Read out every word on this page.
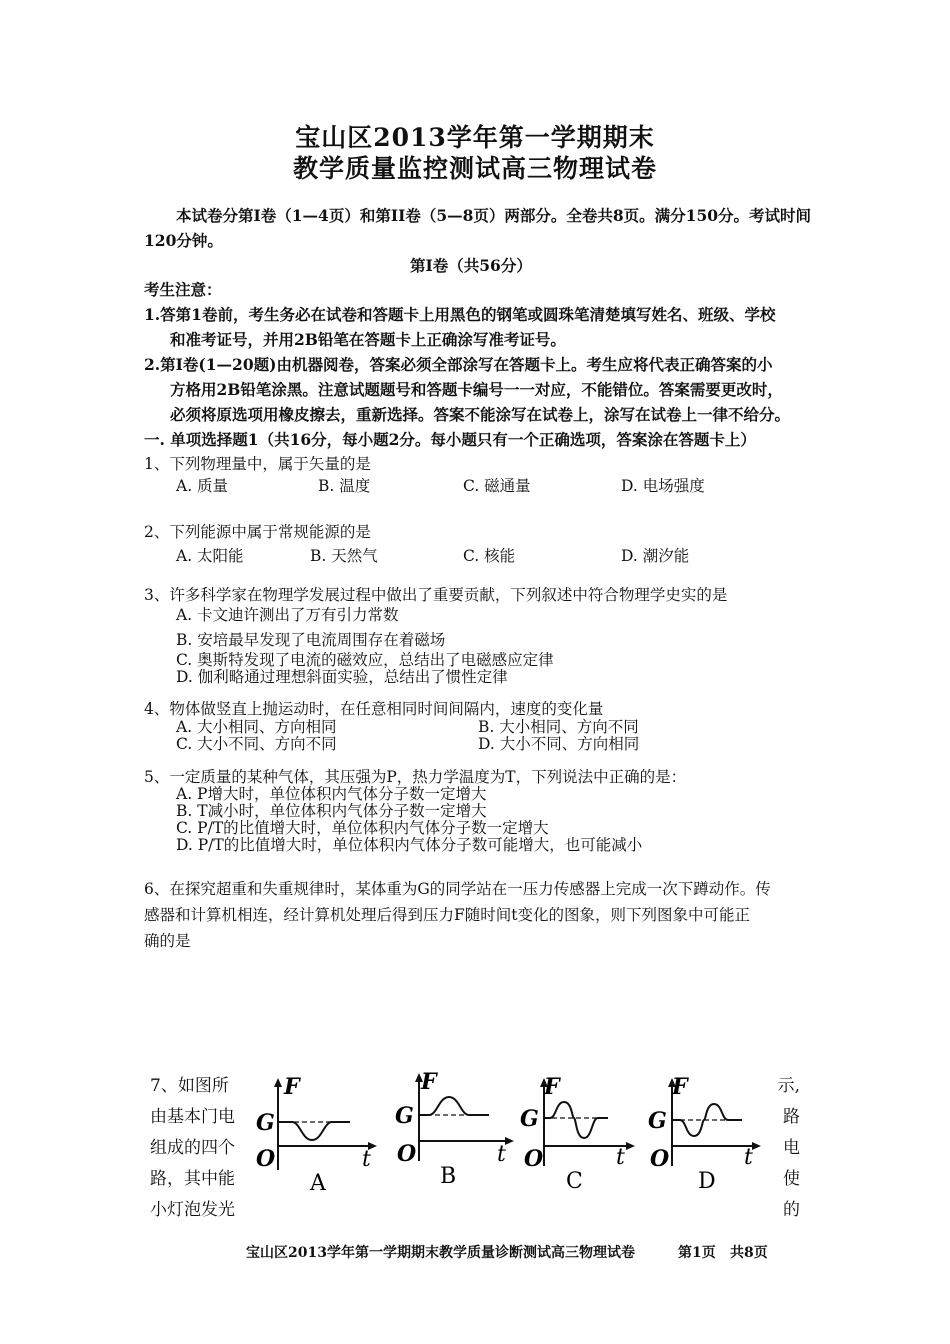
宝山区2013学年第一学期期末
教学质量监控测试高三物理试卷
本试卷分第I卷（1—4页）和第II卷（5—8页）两部分。全卷共8页。满分150分。考试时间
120分钟。
第I卷（共56分）
考生注意：
1.答第1卷前，考生务必在试卷和答题卡上用黑色的钢笔或圆珠笔清楚填写姓名、班级、学校
和准考证号，并用2B铅笔在答题卡上正确涂写准考证号。
2.第I卷(1—20题)由机器阅卷，答案必须全部涂写在答题卡上。考生应将代表正确答案的小
方格用2B铅笔涂黑。注意试题题号和答题卡编号一一对应，不能错位。答案需要更改时，
必须将原选项用橡皮擦去，重新选择。答案不能涂写在试卷上，涂写在试卷上一律不给分。
一. 单项选择题1（共16分，每小题2分。每小题只有一个正确选项，答案涂在答题卡上）
1、下列物理量中，属于矢量的是
A. 质量	B. 温度	C. 磁通量	D. 电场强度
2、下列能源中属于常规能源的是
A. 太阳能	B. 天然气	C. 核能	D. 潮汐能
3、许多科学家在物理学发展过程中做出了重要贡献，下列叙述中符合物理学史实的是
A. 卡文迪许测出了万有引力常数
B. 安培最早发现了电流周围存在着磁场
C. 奥斯特发现了电流的磁效应，总结出了电磁感应定律
D. 伽利略通过理想斜面实验，总结出了惯性定律
4、物体做竖直上抛运动时，在任意相同时间间隔内，速度的变化量
A. 大小相同、方向相同	B. 大小相同、方向不同
C. 大小不同、方向不同	D. 大小不同、方向相同
5、一定质量的某种气体，其压强为P，热力学温度为T，下列说法中正确的是：
A. P增大时，单位体积内气体分子数一定增大
B. T减小时，单位体积内气体分子数一定增大
C. P/T的比值增大时，单位体积内气体分子数一定增大
D. P/T的比值增大时，单位体积内气体分子数可能增大，也可能减小
6、在探究超重和失重规律时，某体重为G的同学站在一压力传感器上完成一次下蹲动作。传
感器和计算机相连，经计算机处理后得到压力F随时间t变化的图象，则下列图象中可能正
确的是
7、如图所
由基本门电
组成的四个
路，其中能
小灯泡发光
示,
路
电
使
的
F
G
O	t
A
F
G
O	t
B
F
G
O	t
C
F
G
O	t
D
宝山区2013学年第一学期期末教学质量诊断测试高三物理试卷	第1页 共8页
